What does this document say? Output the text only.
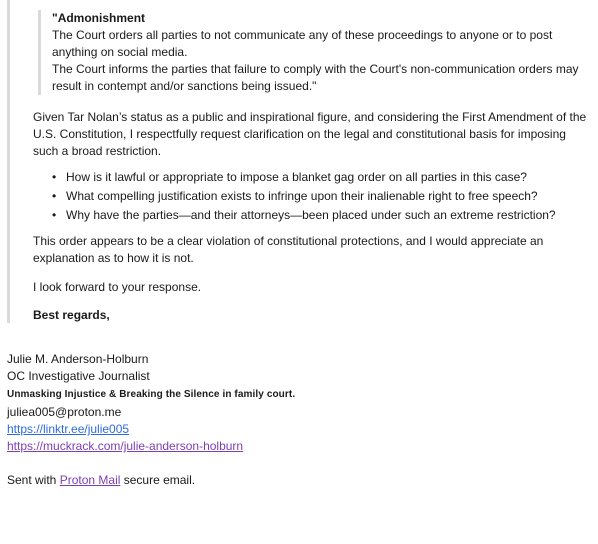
"Admonishment

The Court orders all parties to not communicate any of these proceedings to anyone or to post anything on social media.

The Court informs the parties that failure to comply with the Court's non-communication orders may result in contempt and/or sanctions being issued."

Given Tar Nolan’s status as a public and inspirational figure, and considering the First Amendment of the U.S. Constitution, I respectfully request clarification on the legal and constitutional basis for imposing such a broad restriction.

• How is it lawful or appropriate to impose a blanket gag order on all parties in this case?
• What compelling justification exists to infringe upon their inalienable right to free speech?
• Why have the parties—and their attorneys—been placed under such an extreme restriction?

This order appears to be a clear violation of constitutional protections, and I would appreciate an explanation as to how it is not.

I look forward to your response.

Best regards,

Julie M. Anderson-Holburn
OC Investigative Journalist
Unmasking Injustice & Breaking the Silence in family court.
juliea005@proton.me
https://linktr.ee/julie005
https://muckrack.com/julie-anderson-holburn
Sent with Proton Mail secure email.
